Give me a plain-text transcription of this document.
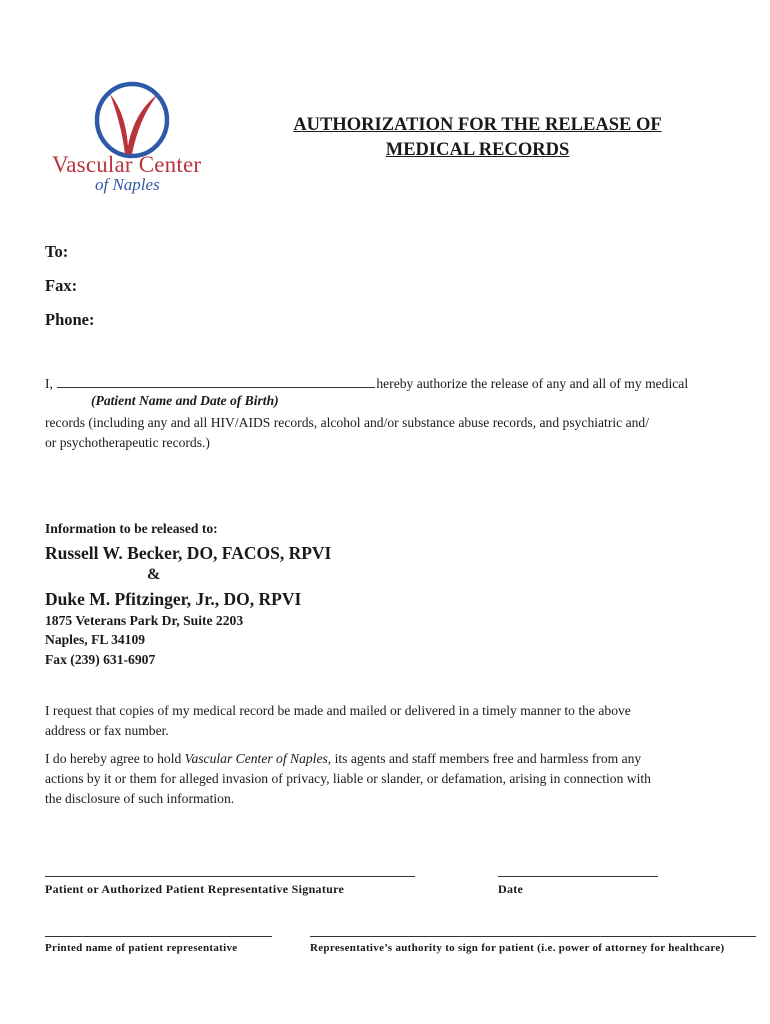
Vascular Center
of Naples
AUTHORIZATION FOR THE RELEASE OF
MEDICAL RECORDS
To:
Fax:
Phone:
I,	hereby authorize the release of any and all of my medical
(Patient Name and Date of Birth)
records (including any and all HIV/AIDS records, alcohol and/or substance abuse records, and psychiatric and/
or psychotherapeutic records.)
Information to be released to:
Russell W. Becker, DO, FACOS, RPVI
&
Duke M. Pfitzinger, Jr., DO, RPVI
1875 Veterans Park Dr, Suite 2203
Naples, FL 34109
Fax (239) 631-6907
I request that copies of my medical record be made and mailed or delivered in a timely manner to the above
address or fax number.
I do hereby agree to hold Vascular Center of Naples, its agents and staff members free and harmless from any
actions by it or them for alleged invasion of privacy, liable or slander, or defamation, arising in connection with
the disclosure of such information.
Patient or Authorized Patient Representative Signature	Date
Printed name of patient representative	Representative’s authority to sign for patient (i.e. power of attorney for healthcare)
